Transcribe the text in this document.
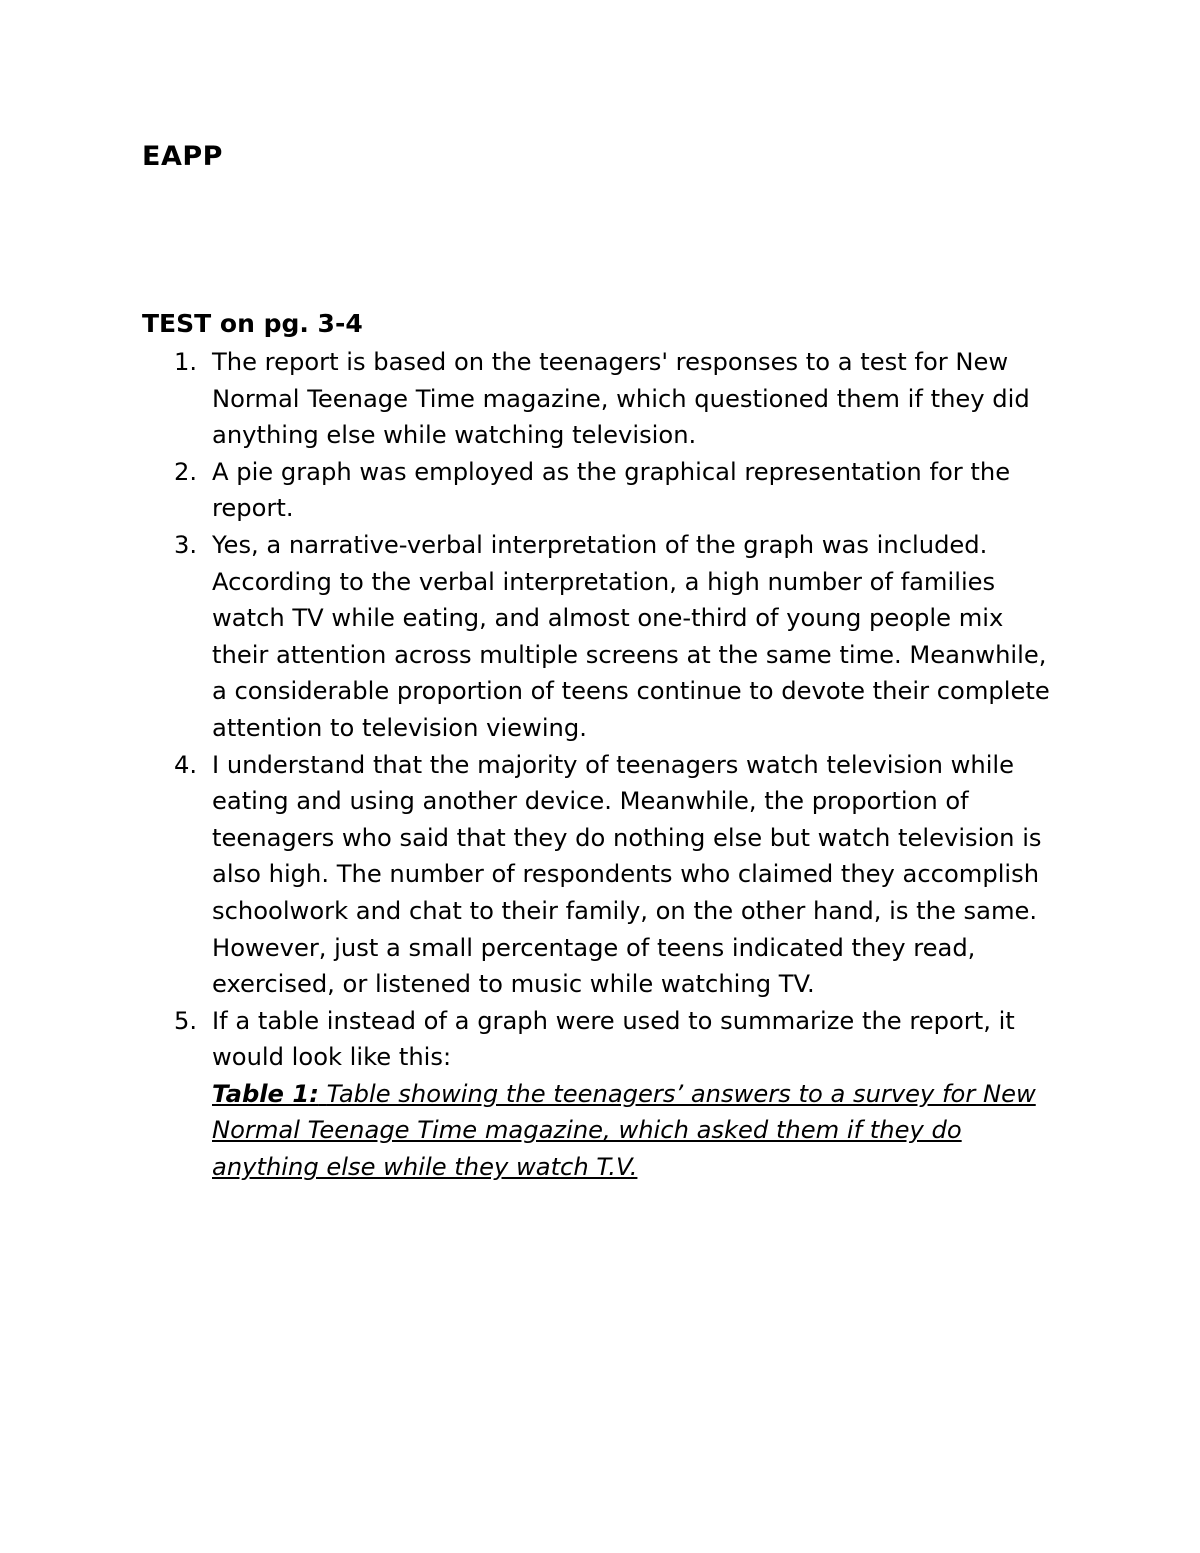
EAPP
TEST on pg. 3-4
1. The report is based on the teenagers' responses to a test for New Normal Teenage Time magazine, which questioned them if they did anything else while watching television.
2. A pie graph was employed as the graphical representation for the report.
3. Yes, a narrative-verbal interpretation of the graph was included. According to the verbal interpretation, a high number of families watch TV while eating, and almost one-third of young people mix their attention across multiple screens at the same time. Meanwhile, a considerable proportion of teens continue to devote their complete attention to television viewing.
4. I understand that the majority of teenagers watch television while eating and using another device. Meanwhile, the proportion of teenagers who said that they do nothing else but watch television is also high. The number of respondents who claimed they accomplish schoolwork and chat to their family, on the other hand, is the same. However, just a small percentage of teens indicated they read, exercised, or listened to music while watching TV.
5. If a table instead of a graph were used to summarize the report, it would look like this:
Table 1: Table showing the teenagers’ answers to a survey for New Normal Teenage Time magazine, which asked them if they do anything else while they watch T.V.
